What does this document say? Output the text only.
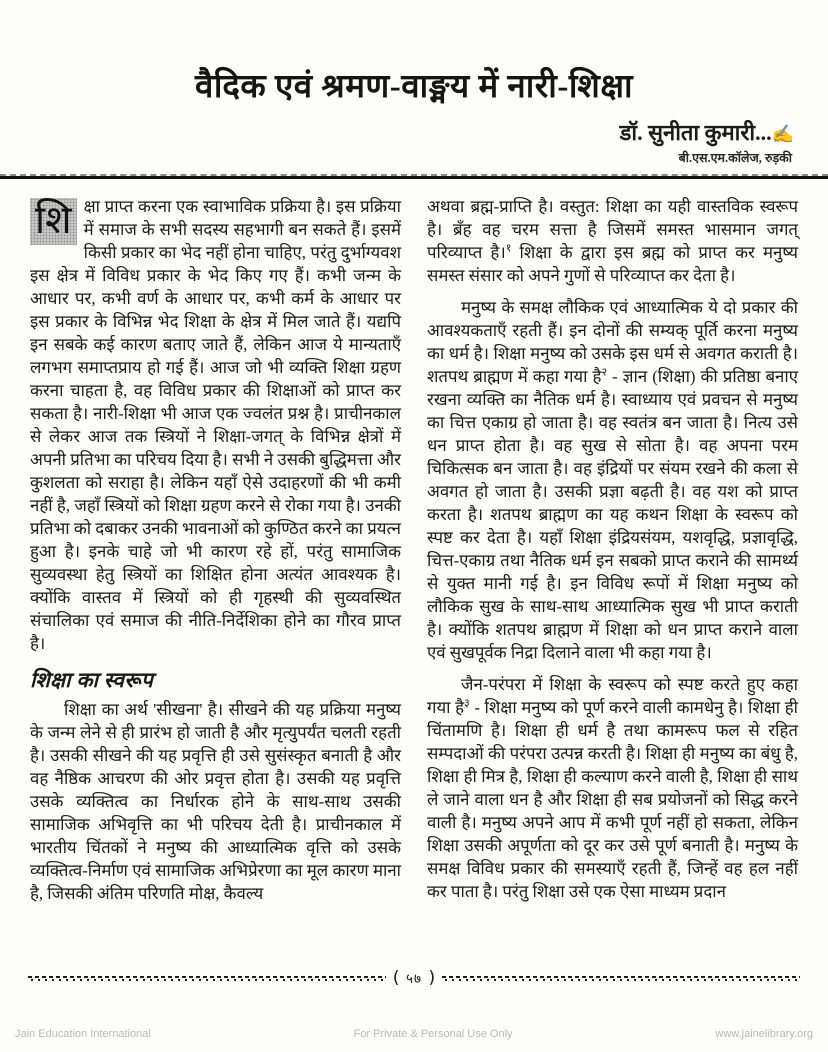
वैदिक एवं श्रमण-वाङ्मय में नारी-शिक्षा
डॉ. सुनीता कुमारी...✍
बी.एस.एम.कॉलेज, रुड़की

शि क्षा प्राप्त करना एक स्वाभाविक प्रक्रिया है। इस प्रक्रिया में समाज के सभी सदस्य सहभागी बन सकते हैं। इसमें किसी प्रकार का भेद नहीं होना चाहिए, परंतु दुर्भाग्यवश इस क्षेत्र में विविध प्रकार के भेद किए गए हैं। कभी जन्म के आधार पर, कभी वर्ण के आधार पर, कभी कर्म के आधार पर इस प्रकार के विभिन्न भेद शिक्षा के क्षेत्र में मिल जाते हैं। यद्यपि इन सबके कई कारण बताए जाते हैं, लेकिन आज ये मान्यताएँ लगभग समाप्तप्राय हो गई हैं। आज जो भी व्यक्ति शिक्षा ग्रहण करना चाहता है, वह विविध प्रकार की शिक्षाओं को प्राप्त कर सकता है। नारी-शिक्षा भी आज एक ज्वलंत प्रश्न है। प्राचीनकाल से लेकर आज तक स्त्रियों ने शिक्षा-जगत् के विभिन्न क्षेत्रों में अपनी प्रतिभा का परिचय दिया है। सभी ने उसकी बुद्धिमत्ता और कुशलता को सराहा है। लेकिन यहाँ ऐसे उदाहरणों की भी कमी नहीं है, जहाँ स्त्रियों को शिक्षा ग्रहण करने से रोका गया है। उनकी प्रतिभा को दबाकर उनकी भावनाओं को कुण्ठित करने का प्रयत्न हुआ है। इनके चाहे जो भी कारण रहे हों, परंतु सामाजिक सुव्यवस्था हेतु स्त्रियों का शिक्षित होना अत्यंत आवश्यक है। क्योंकि वास्तव में स्त्रियों को ही गृहस्थी की सुव्यवस्थित संचालिका एवं समाज की नीति-निर्देशिका होने का गौरव प्राप्त है।

शिक्षा का स्वरूप

शिक्षा का अर्थ 'सीखना' है। सीखने की यह प्रक्रिया मनुष्य के जन्म लेने से ही प्रारंभ हो जाती है और मृत्युपर्यंत चलती रहती है। उसकी सीखने की यह प्रवृत्ति ही उसे सुसंस्कृत बनाती है और वह नैष्ठिक आचरण की ओर प्रवृत्त होता है। उसकी यह प्रवृत्ति उसके व्यक्तित्व का निर्धारक होने के साथ-साथ उसकी सामाजिक अभिवृत्ति का भी परिचय देती है। प्राचीनकाल में भारतीय चिंतकों ने मनुष्य की आध्यात्मिक वृत्ति को उसके व्यक्तित्व-निर्माण एवं सामाजिक अभिप्रेरणा का मूल कारण माना है, जिसकी अंतिम परिणति मोक्ष, कैवल्य

अथवा ब्रह्म-प्राप्ति है। वस्तुत: शिक्षा का यही वास्तविक स्वरूप है। ब्रँह वह चरम सत्ता है जिसमें समस्त भासमान जगत् परिव्याप्त है।$^१$ शिक्षा के द्वारा इस ब्रह्म को प्राप्त कर मनुष्य समस्त संसार को अपने गुणों से परिव्याप्त कर देता है।

मनुष्य के समक्ष लौकिक एवं आध्यात्मिक ये दो प्रकार की आवश्यकताएँ रहती हैं। इन दोनों की सम्यक् पूर्ति करना मनुष्य का धर्म है। शिक्षा मनुष्य को उसके इस धर्म से अवगत कराती है। शतपथ ब्राह्मण में कहा गया है$^२$ - ज्ञान (शिक्षा) की प्रतिष्ठा बनाए रखना व्यक्ति का नैतिक धर्म है। स्वाध्याय एवं प्रवचन से मनुष्य का चित्त एकाग्र हो जाता है। वह स्वतंत्र बन जाता है। नित्य उसे धन प्राप्त होता है। वह सुख से सोता है। वह अपना परम चिकित्सक बन जाता है। वह इंद्रियों पर संयम रखने की कला से अवगत हो जाता है। उसकी प्रज्ञा बढ़ती है। वह यश को प्राप्त करता है। शतपथ ब्राह्मण का यह कथन शिक्षा के स्वरूप को स्पष्ट कर देता है। यहाँ शिक्षा इंद्रियसंयम, यशवृद्धि, प्रज्ञावृद्धि, चित्त-एकाग्र तथा नैतिक धर्म इन सबको प्राप्त कराने की सामर्थ्य से युक्त मानी गई है। इन विविध रूपों में शिक्षा मनुष्य को लौकिक सुख के साथ-साथ आध्यात्मिक सुख भी प्राप्त कराती है। क्योंकि शतपथ ब्राह्मण में शिक्षा को धन प्राप्त कराने वाला एवं सुखपूर्वक निद्रा दिलाने वाला भी कहा गया है।

जैन-परंपरा में शिक्षा के स्वरूप को स्पष्ट करते हुए कहा गया है$^३$ - शिक्षा मनुष्य को पूर्ण करने वाली कामधेनु है। शिक्षा ही चिंतामणि है। शिक्षा ही धर्म है तथा कामरूप फल से रहित सम्पदाओं की परंपरा उत्पन्न करती है। शिक्षा ही मनुष्य का बंधु है, शिक्षा ही मित्र है, शिक्षा ही कल्याण करने वाली है, शिक्षा ही साथ ले जाने वाला धन है और शिक्षा ही सब प्रयोजनों को सिद्ध करने वाली है। मनुष्य अपने आप में कभी पूर्ण नहीं हो सकता, लेकिन शिक्षा उसकी अपूर्णता को दूर कर उसे पूर्ण बनाती है। मनुष्य के समक्ष विविध प्रकार की समस्याएँ रहती हैं, जिन्हें वह हल नहीं कर पाता है। परंतु शिक्षा उसे एक ऐसा माध्यम प्रदान

( ५७ )
Jain Education International	For Private & Personal Use Only	www.jainelibrary.org
